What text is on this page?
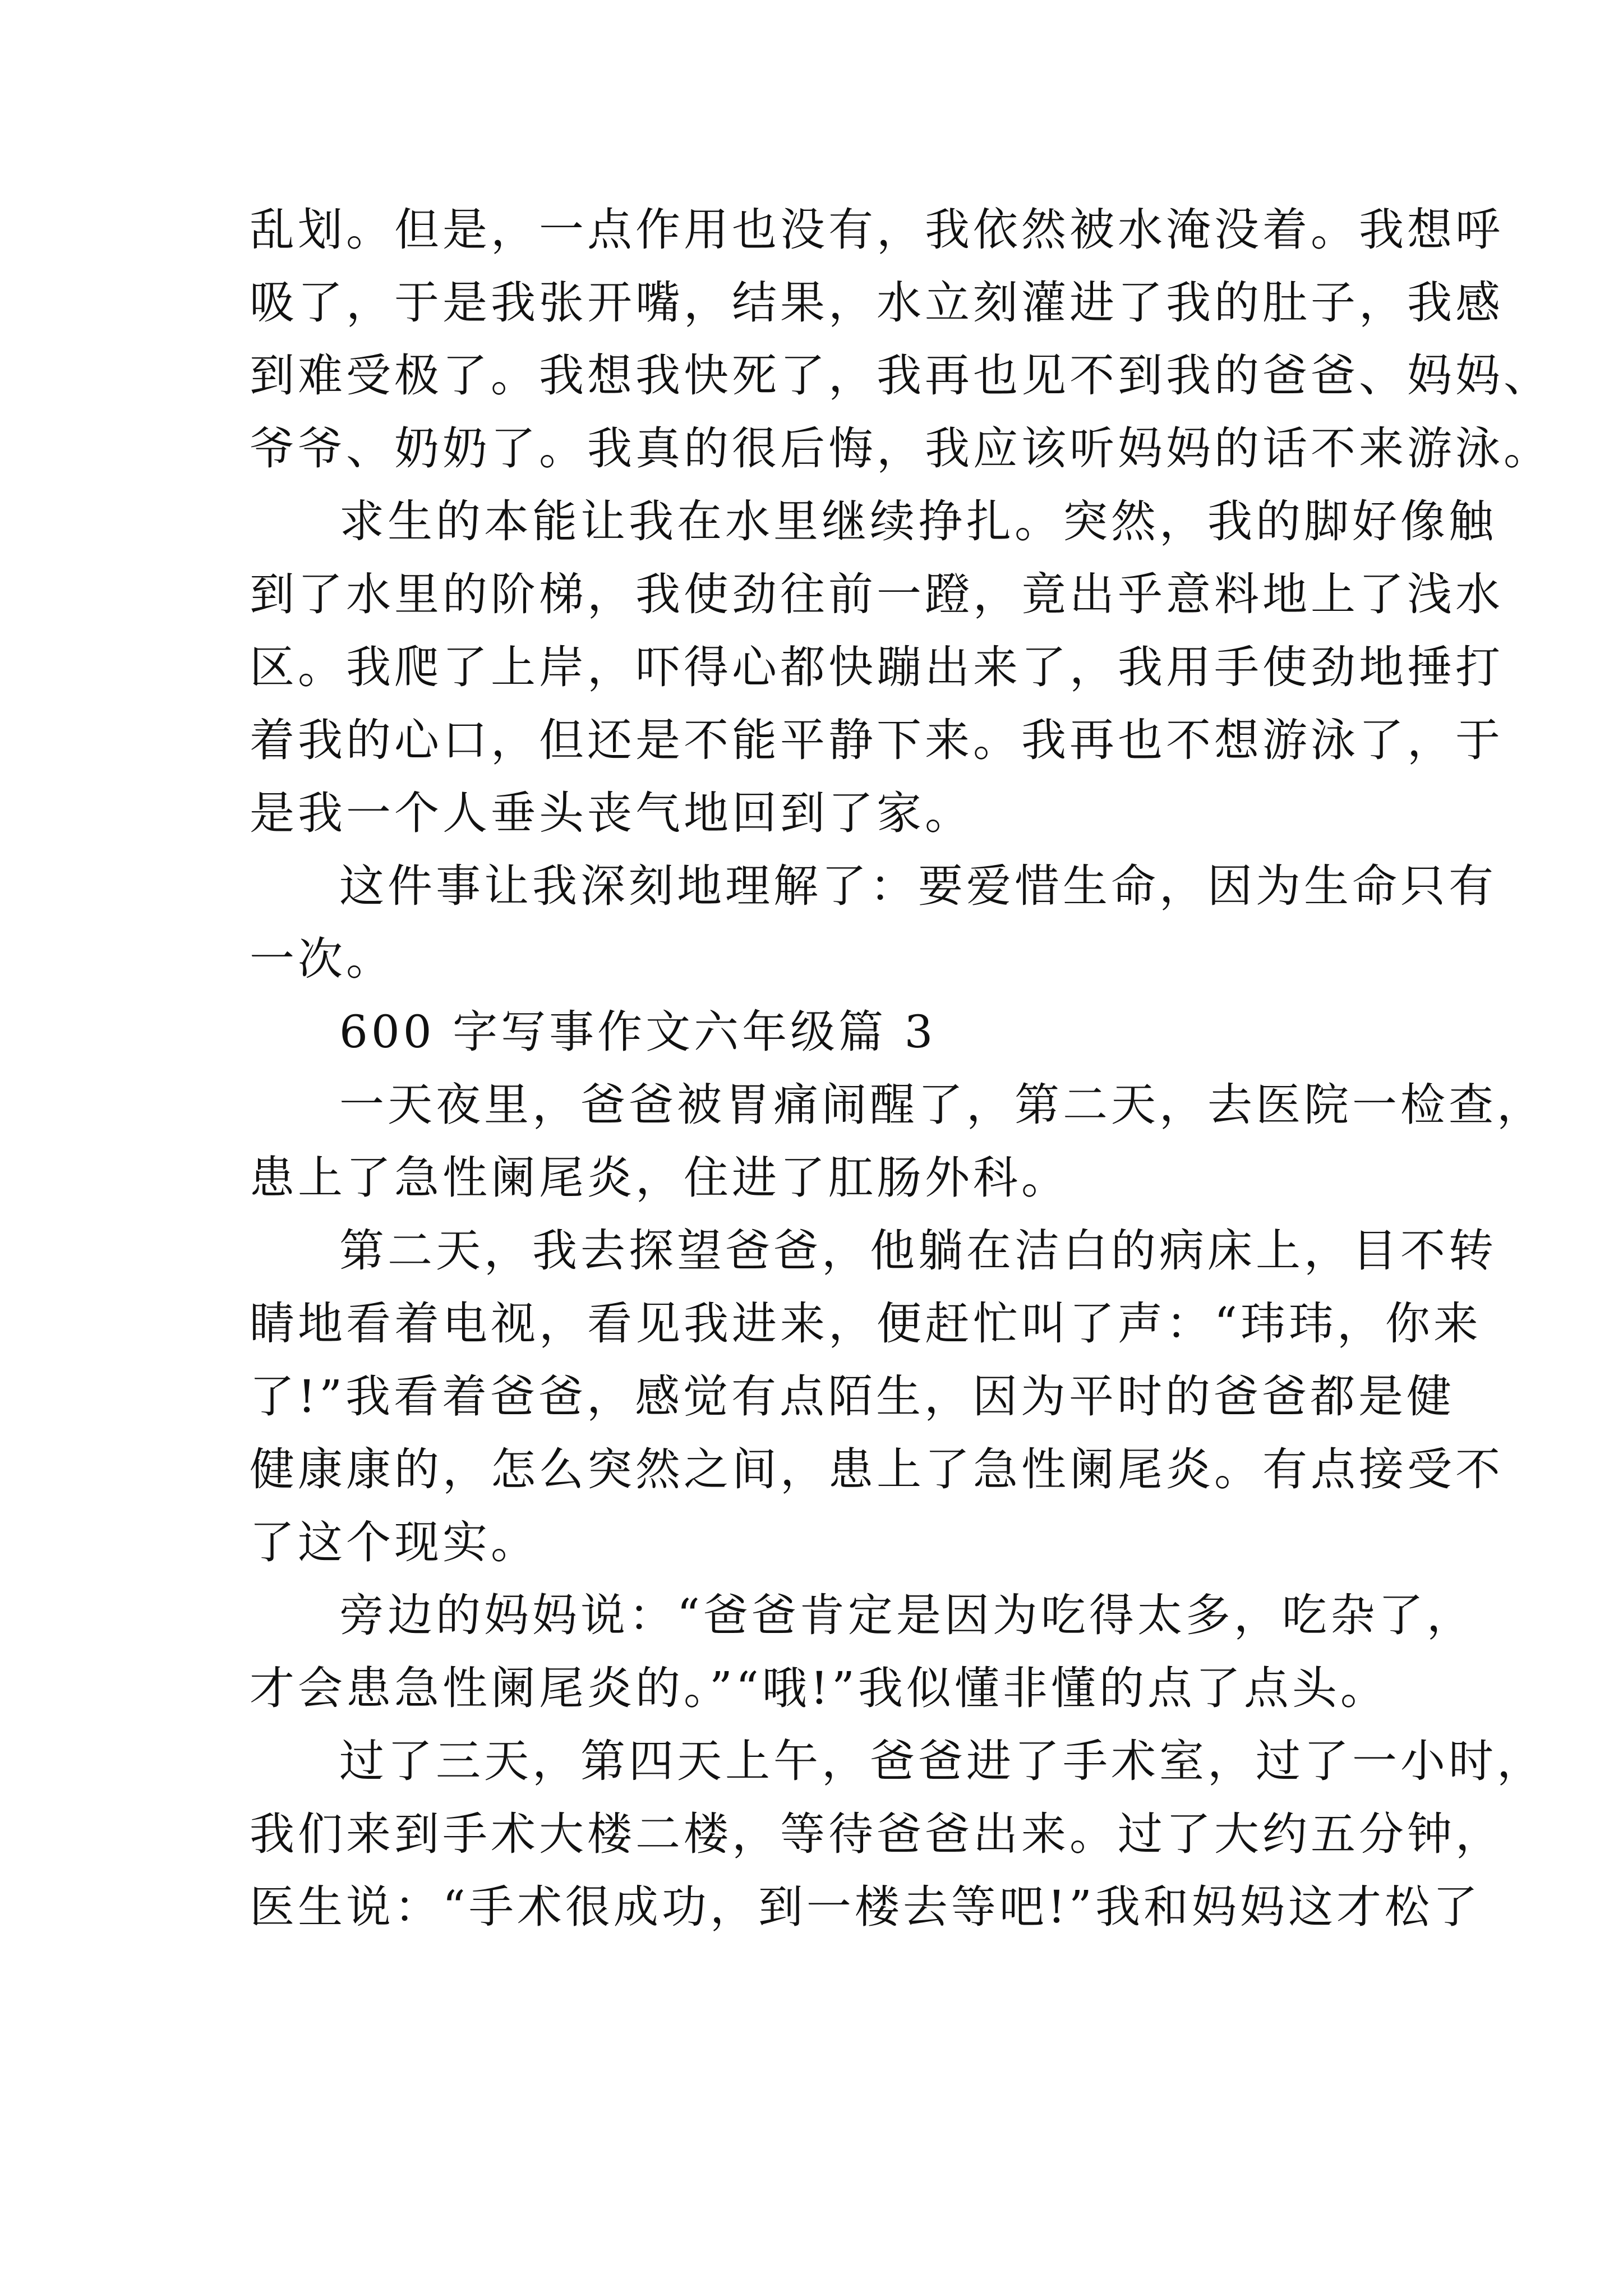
乱划。但是，一点作用也没有，我依然被水淹没着。我想呼
吸了，于是我张开嘴，结果，水立刻灌进了我的肚子，我感
到难受极了。我想我快死了，我再也见不到我的爸爸、妈妈、
爷爷、奶奶了。我真的很后悔，我应该听妈妈的话不来游泳。
求生的本能让我在水里继续挣扎。突然，我的脚好像触
到了水里的阶梯，我使劲往前一蹬，竟出乎意料地上了浅水
区。我爬了上岸，吓得心都快蹦出来了，我用手使劲地捶打
着我的心口，但还是不能平静下来。我再也不想游泳了，于
是我一个人垂头丧气地回到了家。
这件事让我深刻地理解了：要爱惜生命，因为生命只有
一次。
600 字写事作文六年级篇 3
一天夜里，爸爸被胃痛闹醒了，第二天，去医院一检查，
患上了急性阑尾炎，住进了肛肠外科。
第二天，我去探望爸爸，他躺在洁白的病床上，目不转
睛地看着电视，看见我进来，便赶忙叫了声：“玮玮，你来
了!”我看着爸爸，感觉有点陌生，因为平时的爸爸都是健
健康康的，怎么突然之间，患上了急性阑尾炎。有点接受不
了这个现实。
旁边的妈妈说：“爸爸肯定是因为吃得太多，吃杂了，
才会患急性阑尾炎的。”“哦!”我似懂非懂的点了点头。
过了三天，第四天上午，爸爸进了手术室，过了一小时，
我们来到手术大楼二楼，等待爸爸出来。过了大约五分钟，
医生说：“手术很成功，到一楼去等吧!”我和妈妈这才松了
